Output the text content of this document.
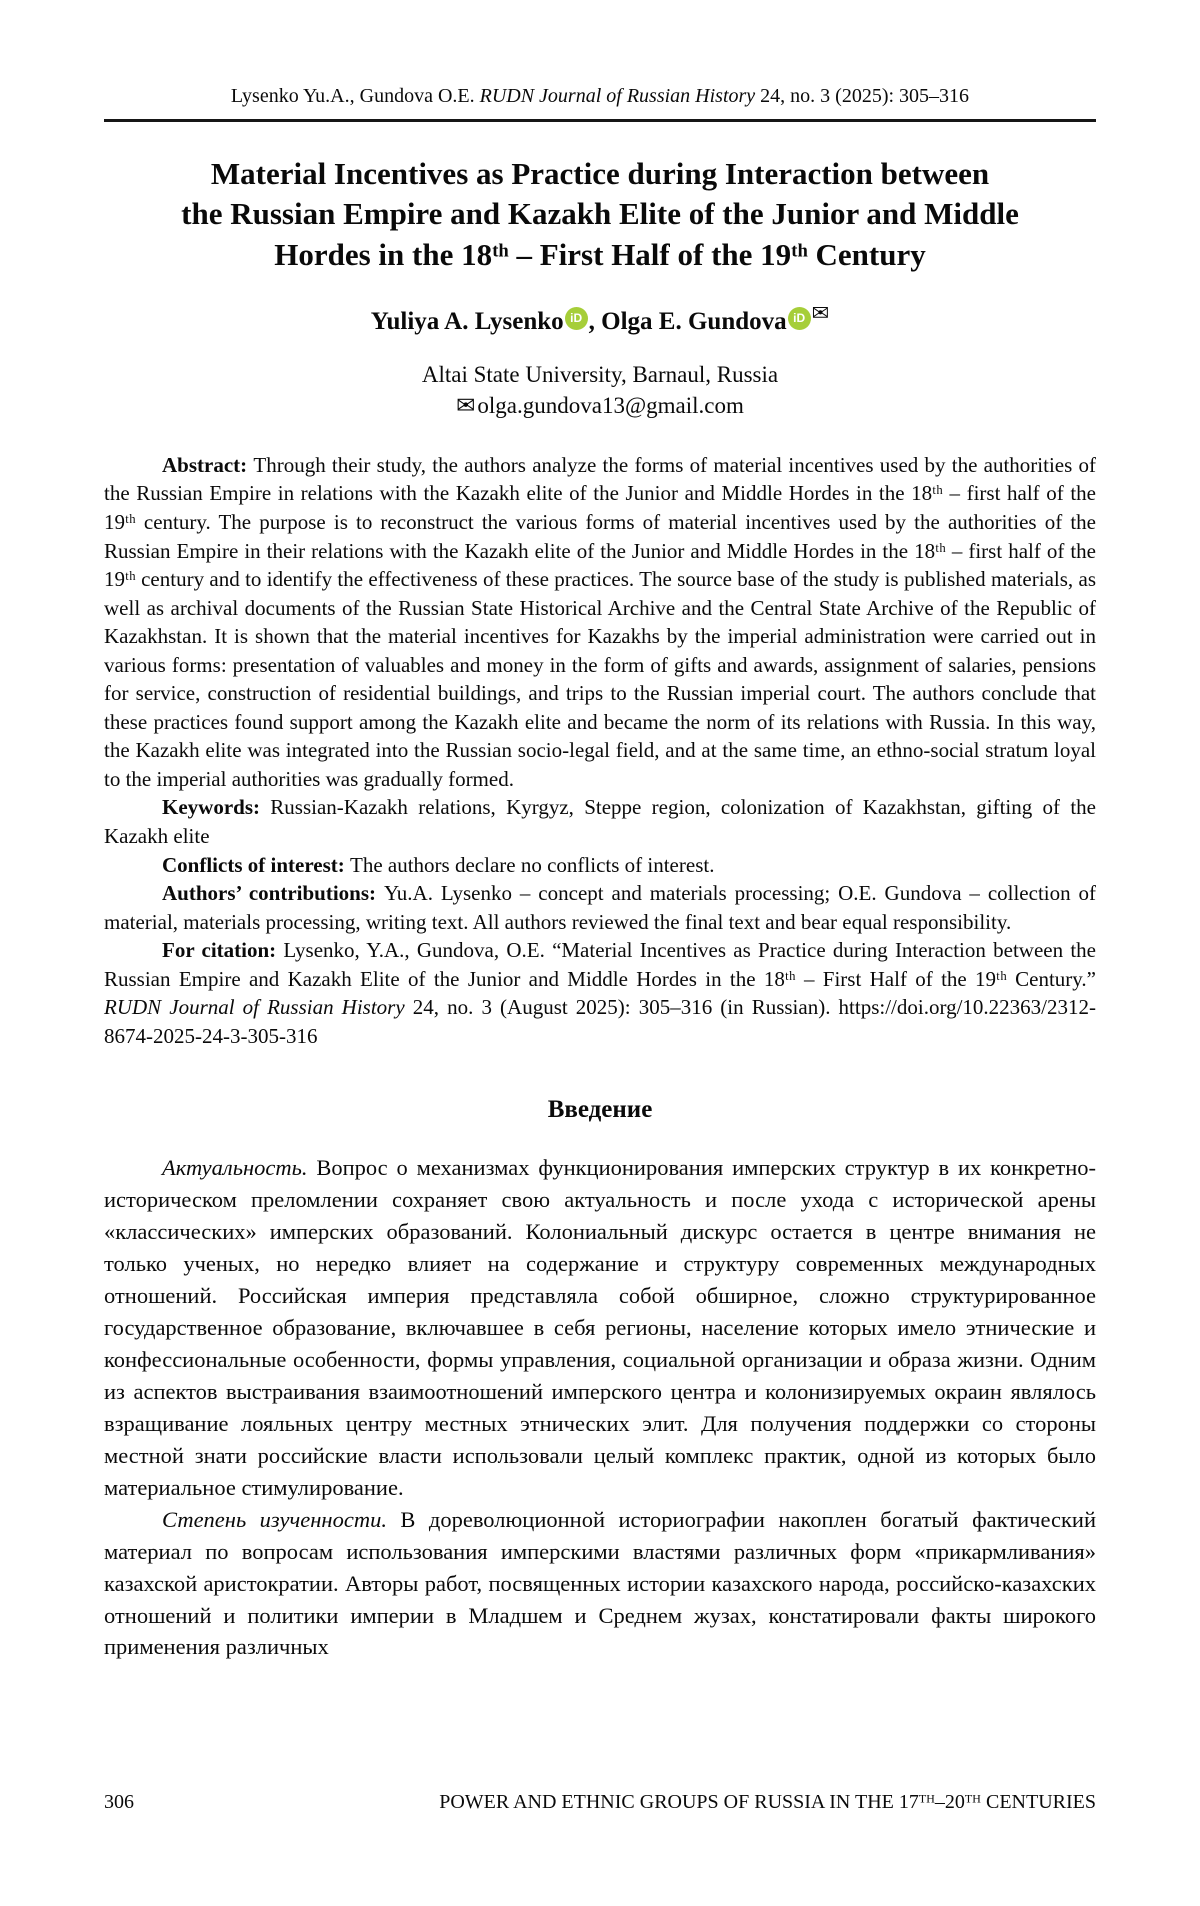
Lysenko Yu.A., Gundova O.E. RUDN Journal of Russian History 24, no. 3 (2025): 305–316
Material Incentives as Practice during Interaction between
the Russian Empire and Kazakh Elite of the Junior and Middle
Hordes in the 18ᵗʰ – First Half of the 19ᵗʰ Century
Yuliya A. Lysenko iD , Olga E. Gundova iD ✉
Altai State University, Barnaul, Russia
✉olga.gundova13@gmail.com

Abstract: Through their study, the authors analyze the forms of material incentives used by the authorities of the Russian Empire in relations with the Kazakh elite of the Junior and Middle Hordes in the 18ᵗʰ – first half of the 19ᵗʰ century. The purpose is to reconstruct the various forms of material incentives used by the authorities of the Russian Empire in their relations with the Kazakh elite of the Junior and Middle Hordes in the 18ᵗʰ – first half of the 19ᵗʰ century and to identify the effectiveness of these practices. The source base of the study is published materials, as well as archival documents of the Russian State Historical Archive and the Central State Archive of the Republic of Kazakhstan. It is shown that the material incentives for Kazakhs by the imperial administration were carried out in various forms: presentation of valuables and money in the form of gifts and awards, assignment of salaries, pensions for service, construction of residential buildings, and trips to the Russian imperial court. The authors conclude that these practices found support among the Kazakh elite and became the norm of its relations with Russia. In this way, the Kazakh elite was integrated into the Russian socio-legal field, and at the same time, an ethno-social stratum loyal to the imperial authorities was gradually formed.

Keywords: Russian-Kazakh relations, Kyrgyz, Steppe region, colonization of Kazakhstan, gifting of the Kazakh elite

Conflicts of interest: The authors declare no conflicts of interest.

Authors’ contributions: Yu.A. Lysenko – concept and materials processing; O.E. Gundova – collection of material, materials processing, writing text. All authors reviewed the final text and bear equal responsibility.

For citation: Lysenko, Y.A., Gundova, O.E. “Material Incentives as Practice during Interaction between the Russian Empire and Kazakh Elite of the Junior and Middle Hordes in the 18ᵗʰ – First Half of the 19ᵗʰ Century.” RUDN Journal of Russian History 24, no. 3 (August 2025): 305–316 (in Russian). https://doi.org/10.22363/2312-8674-2025-24-3-305-316

Введение

Актуальность. Вопрос о механизмах функционирования имперских структур в их конкретно-историческом преломлении сохраняет свою актуальность и после ухода с исторической арены «классических» имперских образований. Колониальный дискурс остается в центре внимания не только ученых, но нередко влияет на содержание и структуру современных международных отношений. Российская империя представляла собой обширное, сложно структурированное государственное образование, включавшее в себя регионы, население которых имело этнические и конфессиональные особенности, формы управления, социальной организации и образа жизни. Одним из аспектов выстраивания взаимоотношений имперского центра и колонизируемых окраин являлось взращивание лояльных центру местных этнических элит. Для получения поддержки со стороны местной знати российские власти использовали целый комплекс практик, одной из которых было материальное стимулирование.

Степень изученности. В дореволюционной историографии накоплен богатый фактический материал по вопросам использования имперскими властями различных форм «прикармливания» казахской аристократии. Авторы работ, посвященных истории казахского народа, российско-казахских отношений и политики империи в Младшем и Среднем жузах, констатировали факты широкого применения различных

306	POWER AND ETHNIC GROUPS OF RUSSIA IN THE 17ᵀᴴ–20ᵀᴴ CENTURIES
